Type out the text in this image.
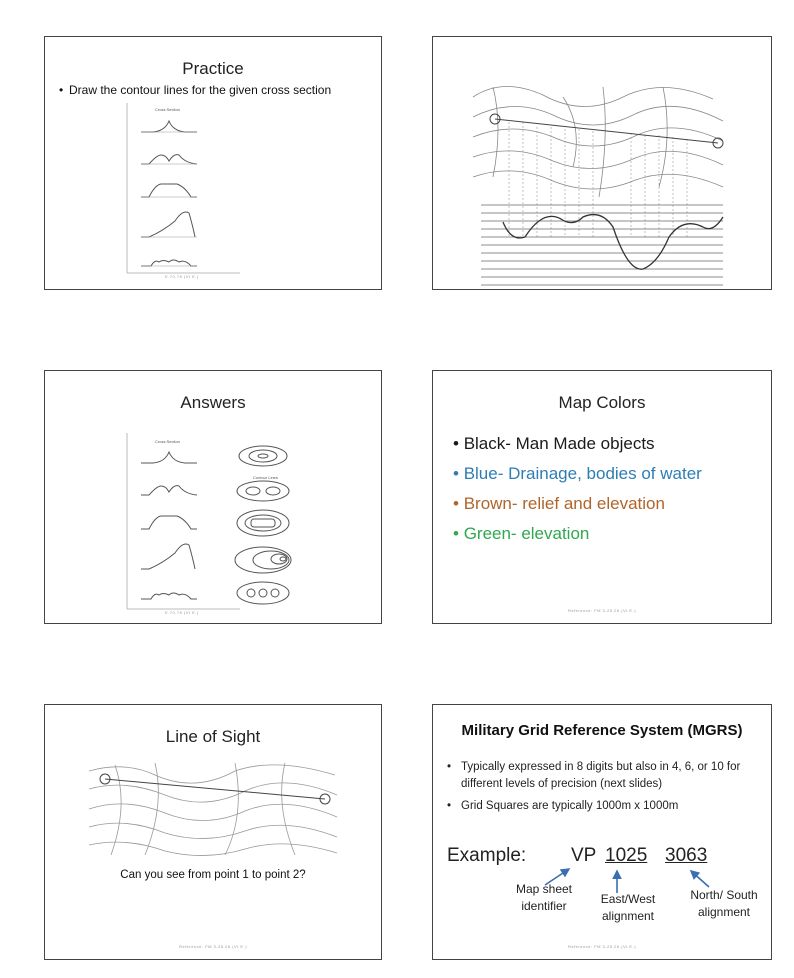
Practice
• Draw the contour lines for the given cross section
Cross Section
E.70.76 (Vt E.)
Answers
Cross Section
Contour Lines
E.70.76 (Vt E.)
Map Colors
• Black- Man Made objects
• Blue- Drainage, bodies of water
• Brown- relief and elevation
• Green- elevation
Reference: FM 3-25.26 (Vt E.)
Line of Sight
Can you see from point 1 to point 2?
Reference: FM 3-25.26 (Vt E.)
Military Grid Reference System (MGRS)
• Typically expressed in 8 digits but also in 4, 6, or 10 for different levels of precision (next slides)
• Grid Squares are typically 1000m x 1000m
Example: VP 1025 3063
Map sheet identifier	East/West alignment
North/ South alignment
Reference: FM 3-25.26 (Vt E.)
